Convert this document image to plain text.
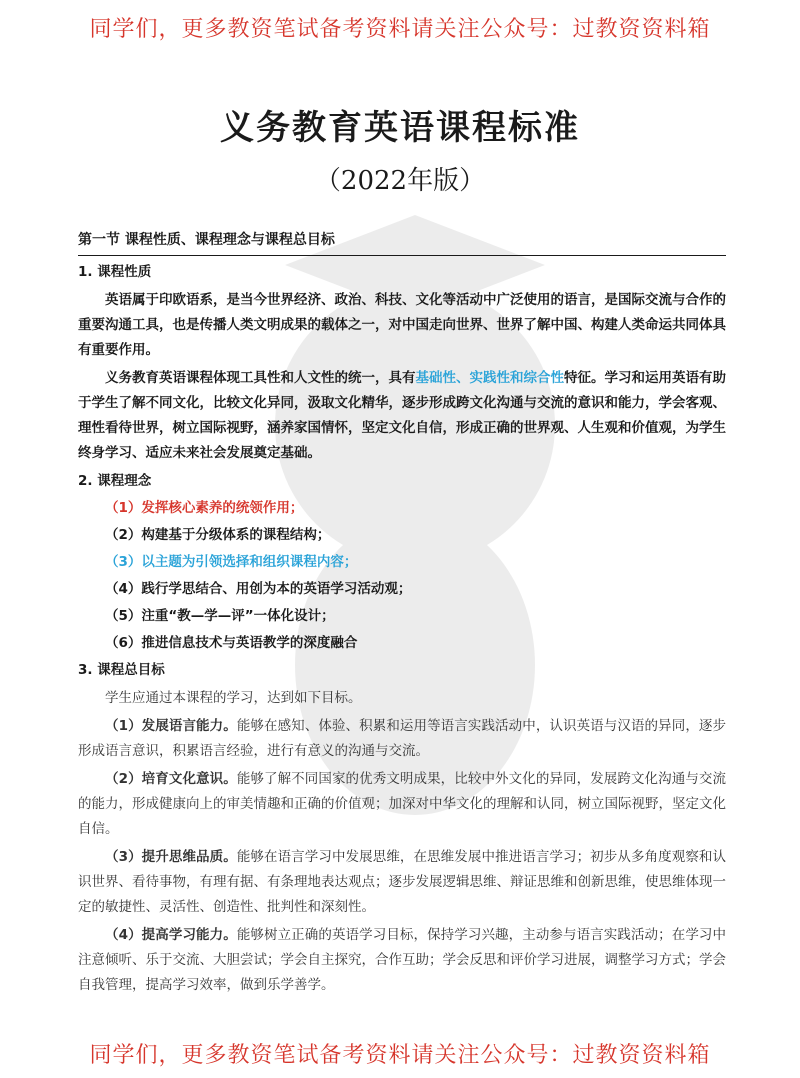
同学们，更多教资笔试备考资料请关注公众号：过教资资料箱
义务教育英语课程标准
（2022年版）
第一节 课程性质、课程理念与课程总目标
1. 课程性质
英语属于印欧语系，是当今世界经济、政治、科技、文化等活动中广泛使用的语言，是国际交流与合作的重要沟通工具，也是传播人类文明成果的载体之一，对中国走向世界、世界了解中国、构建人类命运共同体具有重要作用。
义务教育英语课程体现工具性和人文性的统一，具有基础性、实践性和综合性特征。学习和运用英语有助于学生了解不同文化，比较文化异同，汲取文化精华，逐步形成跨文化沟通与交流的意识和能力，学会客观、理性看待世界，树立国际视野，涵养家国情怀，坚定文化自信，形成正确的世界观、人生观和价值观，为学生终身学习、适应未来社会发展奠定基础。
2. 课程理念
（1）发挥核心素养的统领作用；
（2）构建基于分级体系的课程结构；
（3）以主题为引领选择和组织课程内容；
（4）践行学思结合、用创为本的英语学习活动观；
（5）注重“教—学—评”一体化设计；
（6）推进信息技术与英语教学的深度融合
3. 课程总目标
学生应通过本课程的学习，达到如下目标。
（1）发展语言能力。能够在感知、体验、积累和运用等语言实践活动中，认识英语与汉语的异同，逐步形成语言意识，积累语言经验，进行有意义的沟通与交流。
（2）培育文化意识。能够了解不同国家的优秀文明成果，比较中外文化的异同，发展跨文化沟通与交流的能力，形成健康向上的审美情趣和正确的价值观；加深对中华文化的理解和认同，树立国际视野，坚定文化自信。
（3）提升思维品质。能够在语言学习中发展思维，在思维发展中推进语言学习；初步从多角度观察和认识世界、看待事物，有理有据、有条理地表达观点；逐步发展逻辑思维、辩证思维和创新思维，使思维体现一定的敏捷性、灵活性、创造性、批判性和深刻性。
（4）提高学习能力。能够树立正确的英语学习目标，保持学习兴趣，主动参与语言实践活动；在学习中注意倾听、乐于交流、大胆尝试；学会自主探究，合作互助；学会反思和评价学习进展，调整学习方式；学会自我管理，提高学习效率，做到乐学善学。
同学们，更多教资笔试备考资料请关注公众号：过教资资料箱
